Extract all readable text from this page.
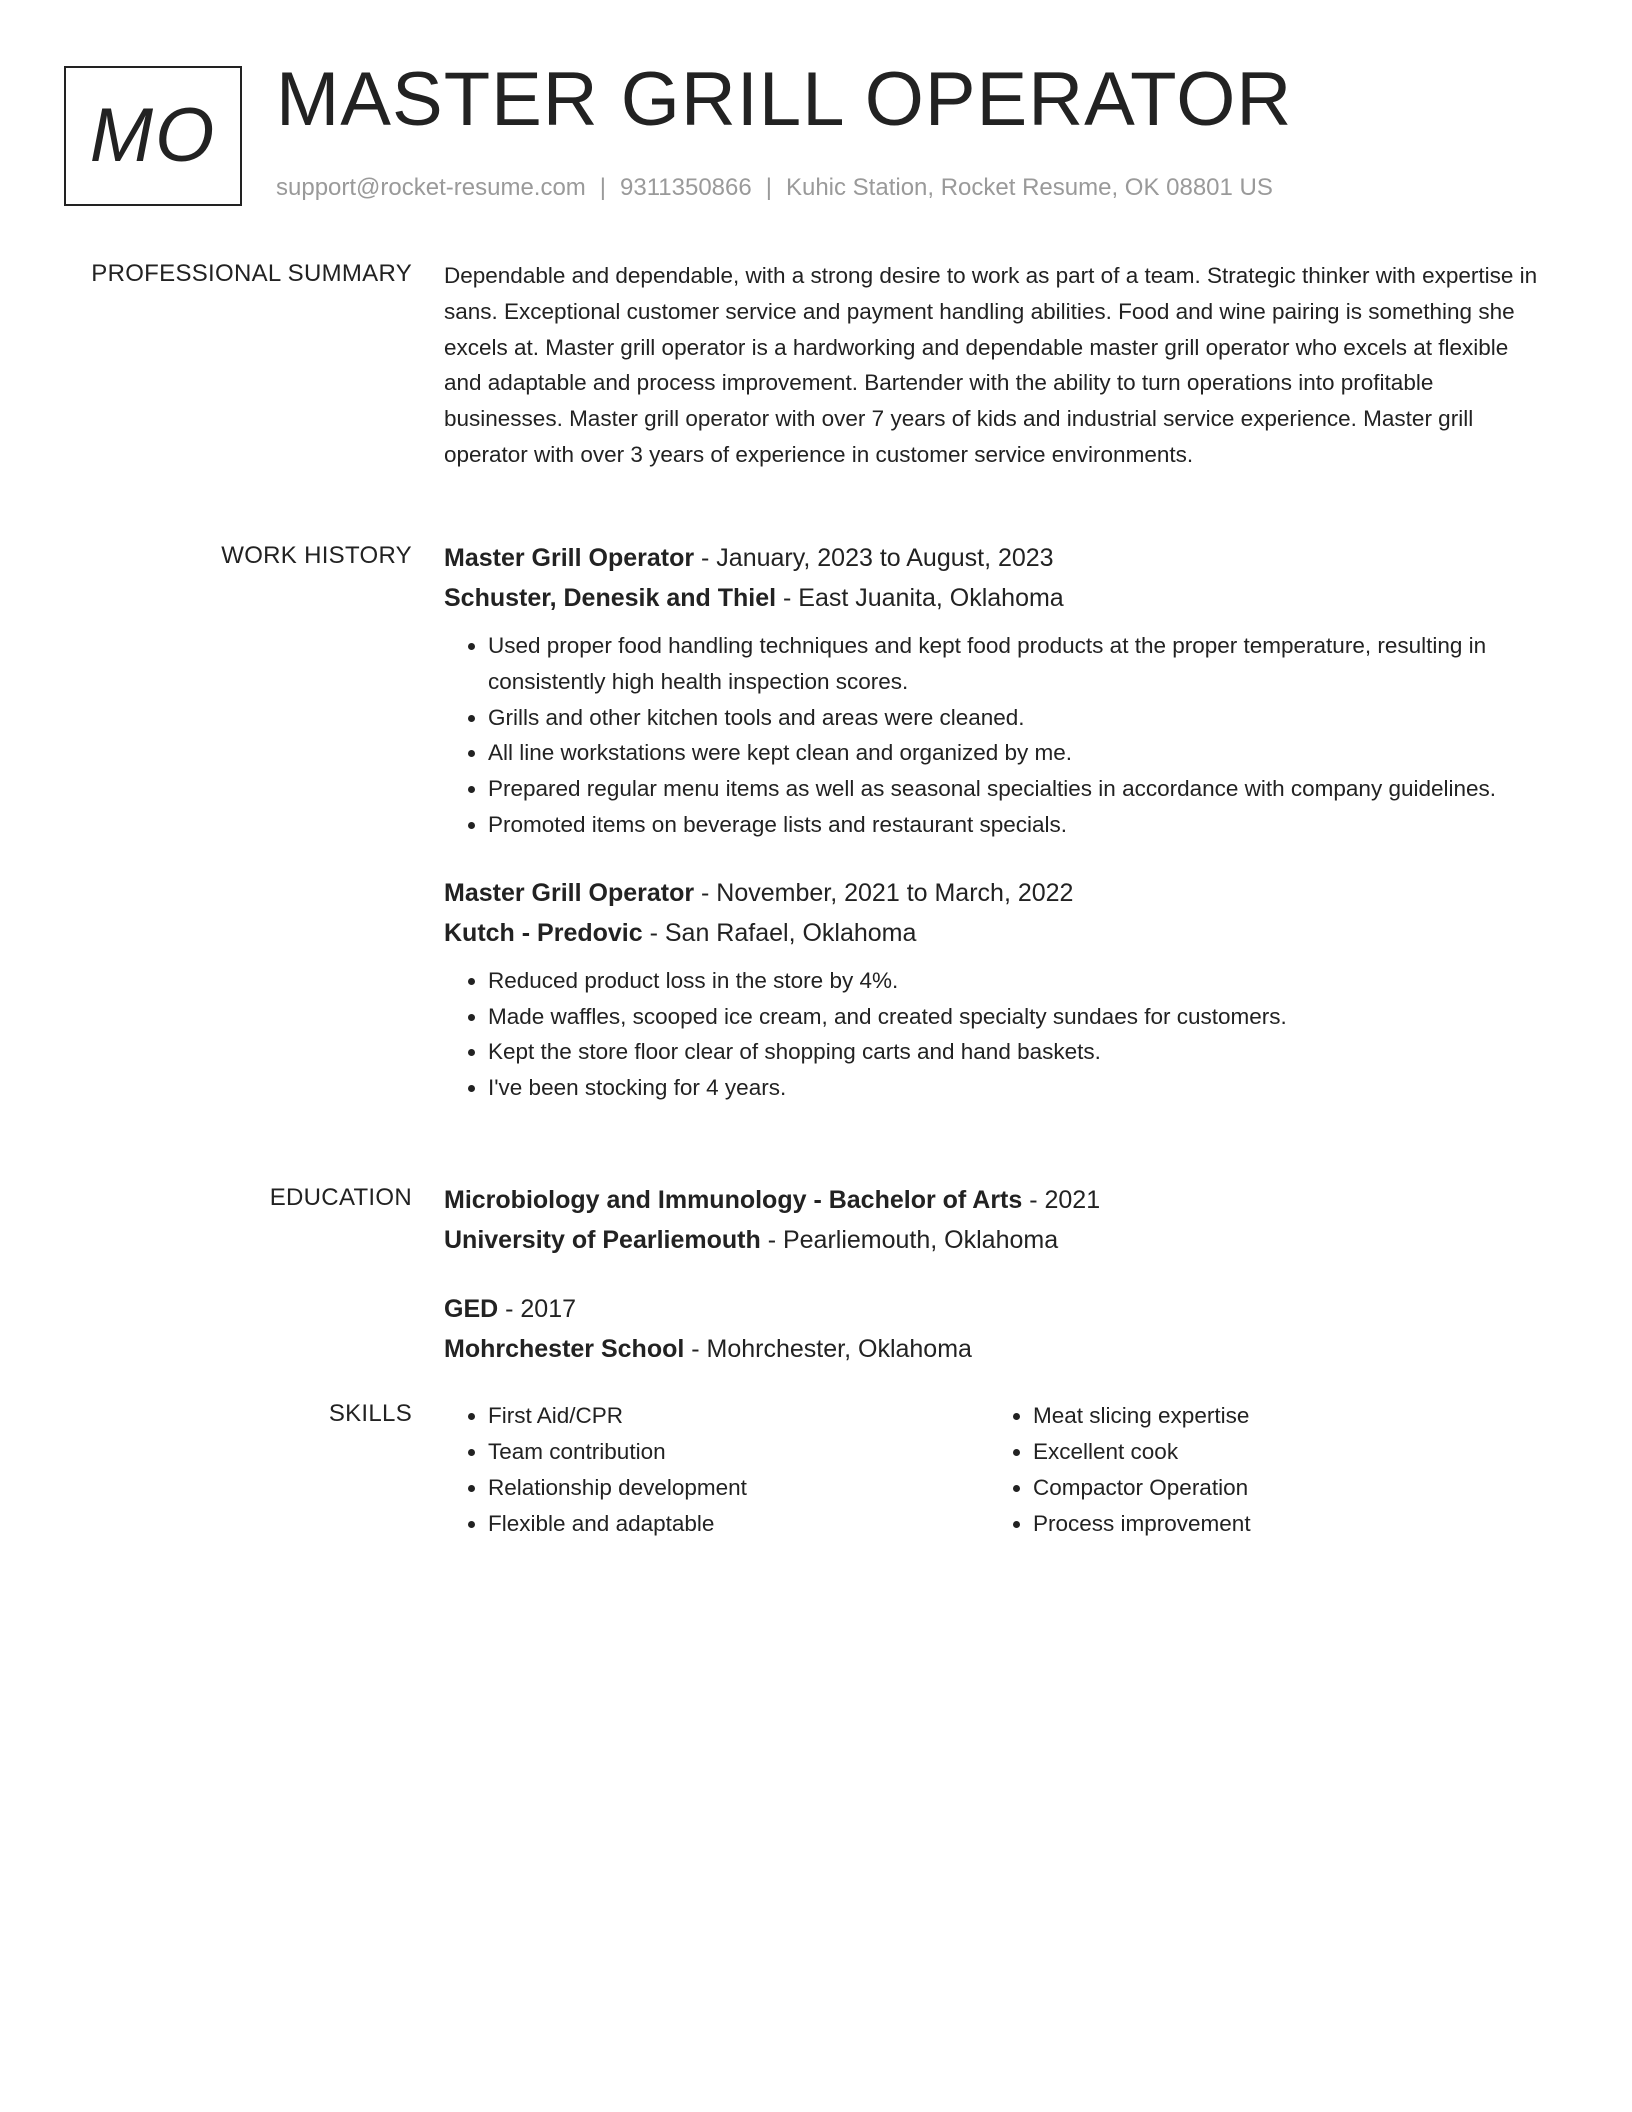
MO MASTER GRILL OPERATOR
support@rocket-resume.com | 9311350866 | Kuhic Station, Rocket Resume, OK 08801 US
PROFESSIONAL SUMMARY Dependable and dependable, with a strong desire to work as part of a team. Strategic thinker with expertise in sans. Exceptional customer service and payment handling abilities. Food and wine pairing is something she excels at. Master grill operator is a hardworking and dependable master grill operator who excels at flexible and adaptable and process improvement. Bartender with the ability to turn operations into profitable businesses. Master grill operator with over 7 years of kids and industrial service experience. Master grill operator with over 3 years of experience in customer service environments.

WORK HISTORY Master Grill Operator - January, 2023 to August, 2023
Schuster, Denesik and Thiel - East Juanita, Oklahoma
• Used proper food handling techniques and kept food products at the proper temperature, resulting in consistently high health inspection scores.
• Grills and other kitchen tools and areas were cleaned.
• All line workstations were kept clean and organized by me.
• Prepared regular menu items as well as seasonal specialties in accordance with company guidelines.
• Promoted items on beverage lists and restaurant specials.
Master Grill Operator - November, 2021 to March, 2022
Kutch - Predovic - San Rafael, Oklahoma
• Reduced product loss in the store by 4%.
• Made waffles, scooped ice cream, and created specialty sundaes for customers.
• Kept the store floor clear of shopping carts and hand baskets.
• I've been stocking for 4 years.
EDUCATION Microbiology and Immunology - Bachelor of Arts - 2021
University of Pearliemouth - Pearliemouth, Oklahoma
GED - 2017
Mohrchester School - Mohrchester, Oklahoma
SKILLS
•	First Aid/CPR
• Team contribution
• Relationship development
• Flexible and adaptable
• Meat slicing expertise
• Excellent cook
• Compactor Operation
• Process improvement
